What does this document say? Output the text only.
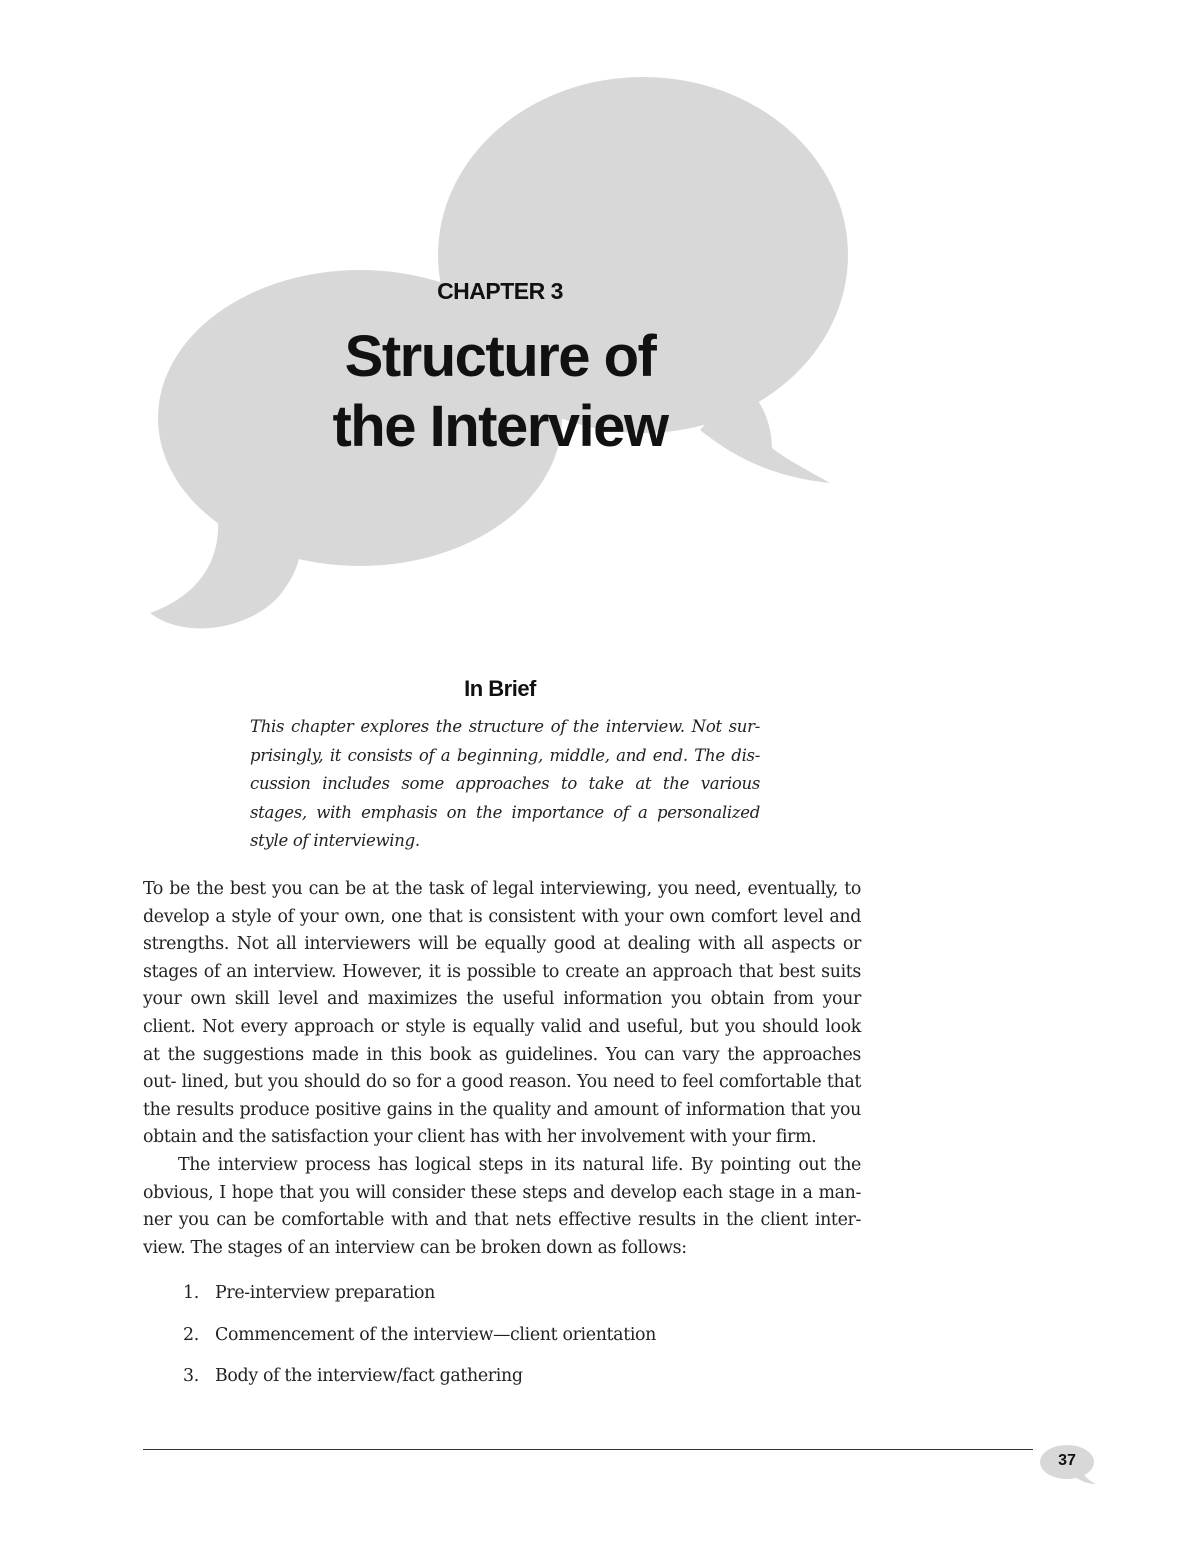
CHAPTER 3
Structure of
the Interview
In Brief

This chapter explores the structure of the interview. Not sur- prisingly, it consists of a beginning, middle, and end. The dis- cussion includes some approaches to take at the various stages, with emphasis on the importance of a personalized style of interviewing.

To be the best you can be at the task of legal interviewing, you need, eventually, to develop a style of your own, one that is consistent with your own comfort level and strengths. Not all interviewers will be equally good at dealing with all aspects or stages of an interview. However, it is possible to create an approach that best suits your own skill level and maximizes the useful information you obtain from your client. Not every approach or style is equally valid and useful, but you should look at the suggestions made in this book as guidelines. You can vary the approaches out- lined, but you should do so for a good reason. You need to feel comfortable that the results produce positive gains in the quality and amount of information that you obtain and the satisfaction your client has with her involvement with your firm.

The interview process has logical steps in its natural life. By pointing out the obvious, I hope that you will consider these steps and develop each stage in a man- ner you can be comfortable with and that nets effective results in the client inter- view. The stages of an interview can be broken down as follows:

1. Pre-interview preparation
2. Commencement of the interview—client orientation
3. Body of the interview/fact gathering
37
